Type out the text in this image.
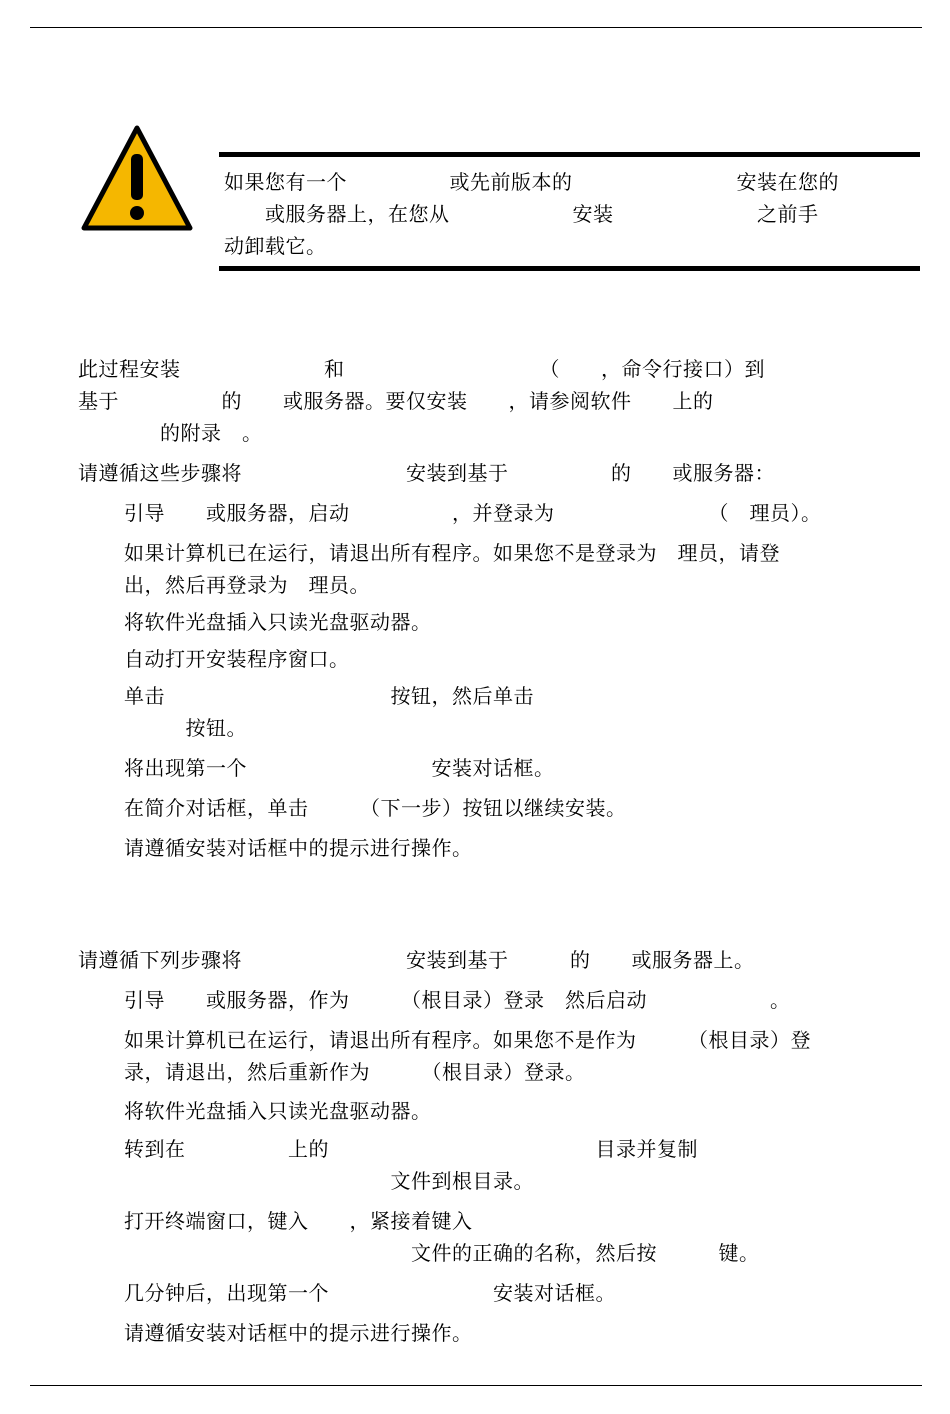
如果您有一个　　　　　或先前版本的　　　　　　　　安装在您的
　　或服务器上，在您从　　　　　　安装　　　　　　　之前手
动卸载它。
此过程安装　　　　　　　和　　　　　　　　　　（　　，命令行接口）到
基于　　　　　的　　或服务器。要仅安装　　，请参阅软件　　上的
　　　　的附录　。
请遵循这些步骤将　　　　　　　　安装到基于　　　　　的　　或服务器：
引导　　或服务器，启动　　　　　，并登录为　　　　　　　　（　理员）。
如果计算机已在运行，请退出所有程序。如果您不是登录为　理员，请登
出，然后再登录为　理员。
将软件光盘插入只读光盘驱动器。
自动打开安装程序窗口。
单击　　　　　　　　　　　按钮，然后单击
　　　按钮。
将出现第一个　　　　　　　　　安装对话框。
在简介对话框，单击　　　（下一步）按钮以继续安装。
请遵循安装对话框中的提示进行操作。
请遵循下列步骤将　　　　　　　　安装到基于　　　的　　或服务器上。
引导　　或服务器，作为　　　（根目录）登录　然后启动　　　　　　。
如果计算机已在运行，请退出所有程序。如果您不是作为　　　（根目录）登
录，请退出，然后重新作为　　　（根目录）登录。
将软件光盘插入只读光盘驱动器。
转到在　　　　　上的　　　　　　　　　　　　　目录并复制
　　　　　　　　　　　　　文件到根目录。
打开终端窗口，键入　　，紧接着键入
　　　　　　　　　　　　　　文件的正确的名称，然后按　　　键。
几分钟后，出现第一个　　　　　　　　安装对话框。
请遵循安装对话框中的提示进行操作。
